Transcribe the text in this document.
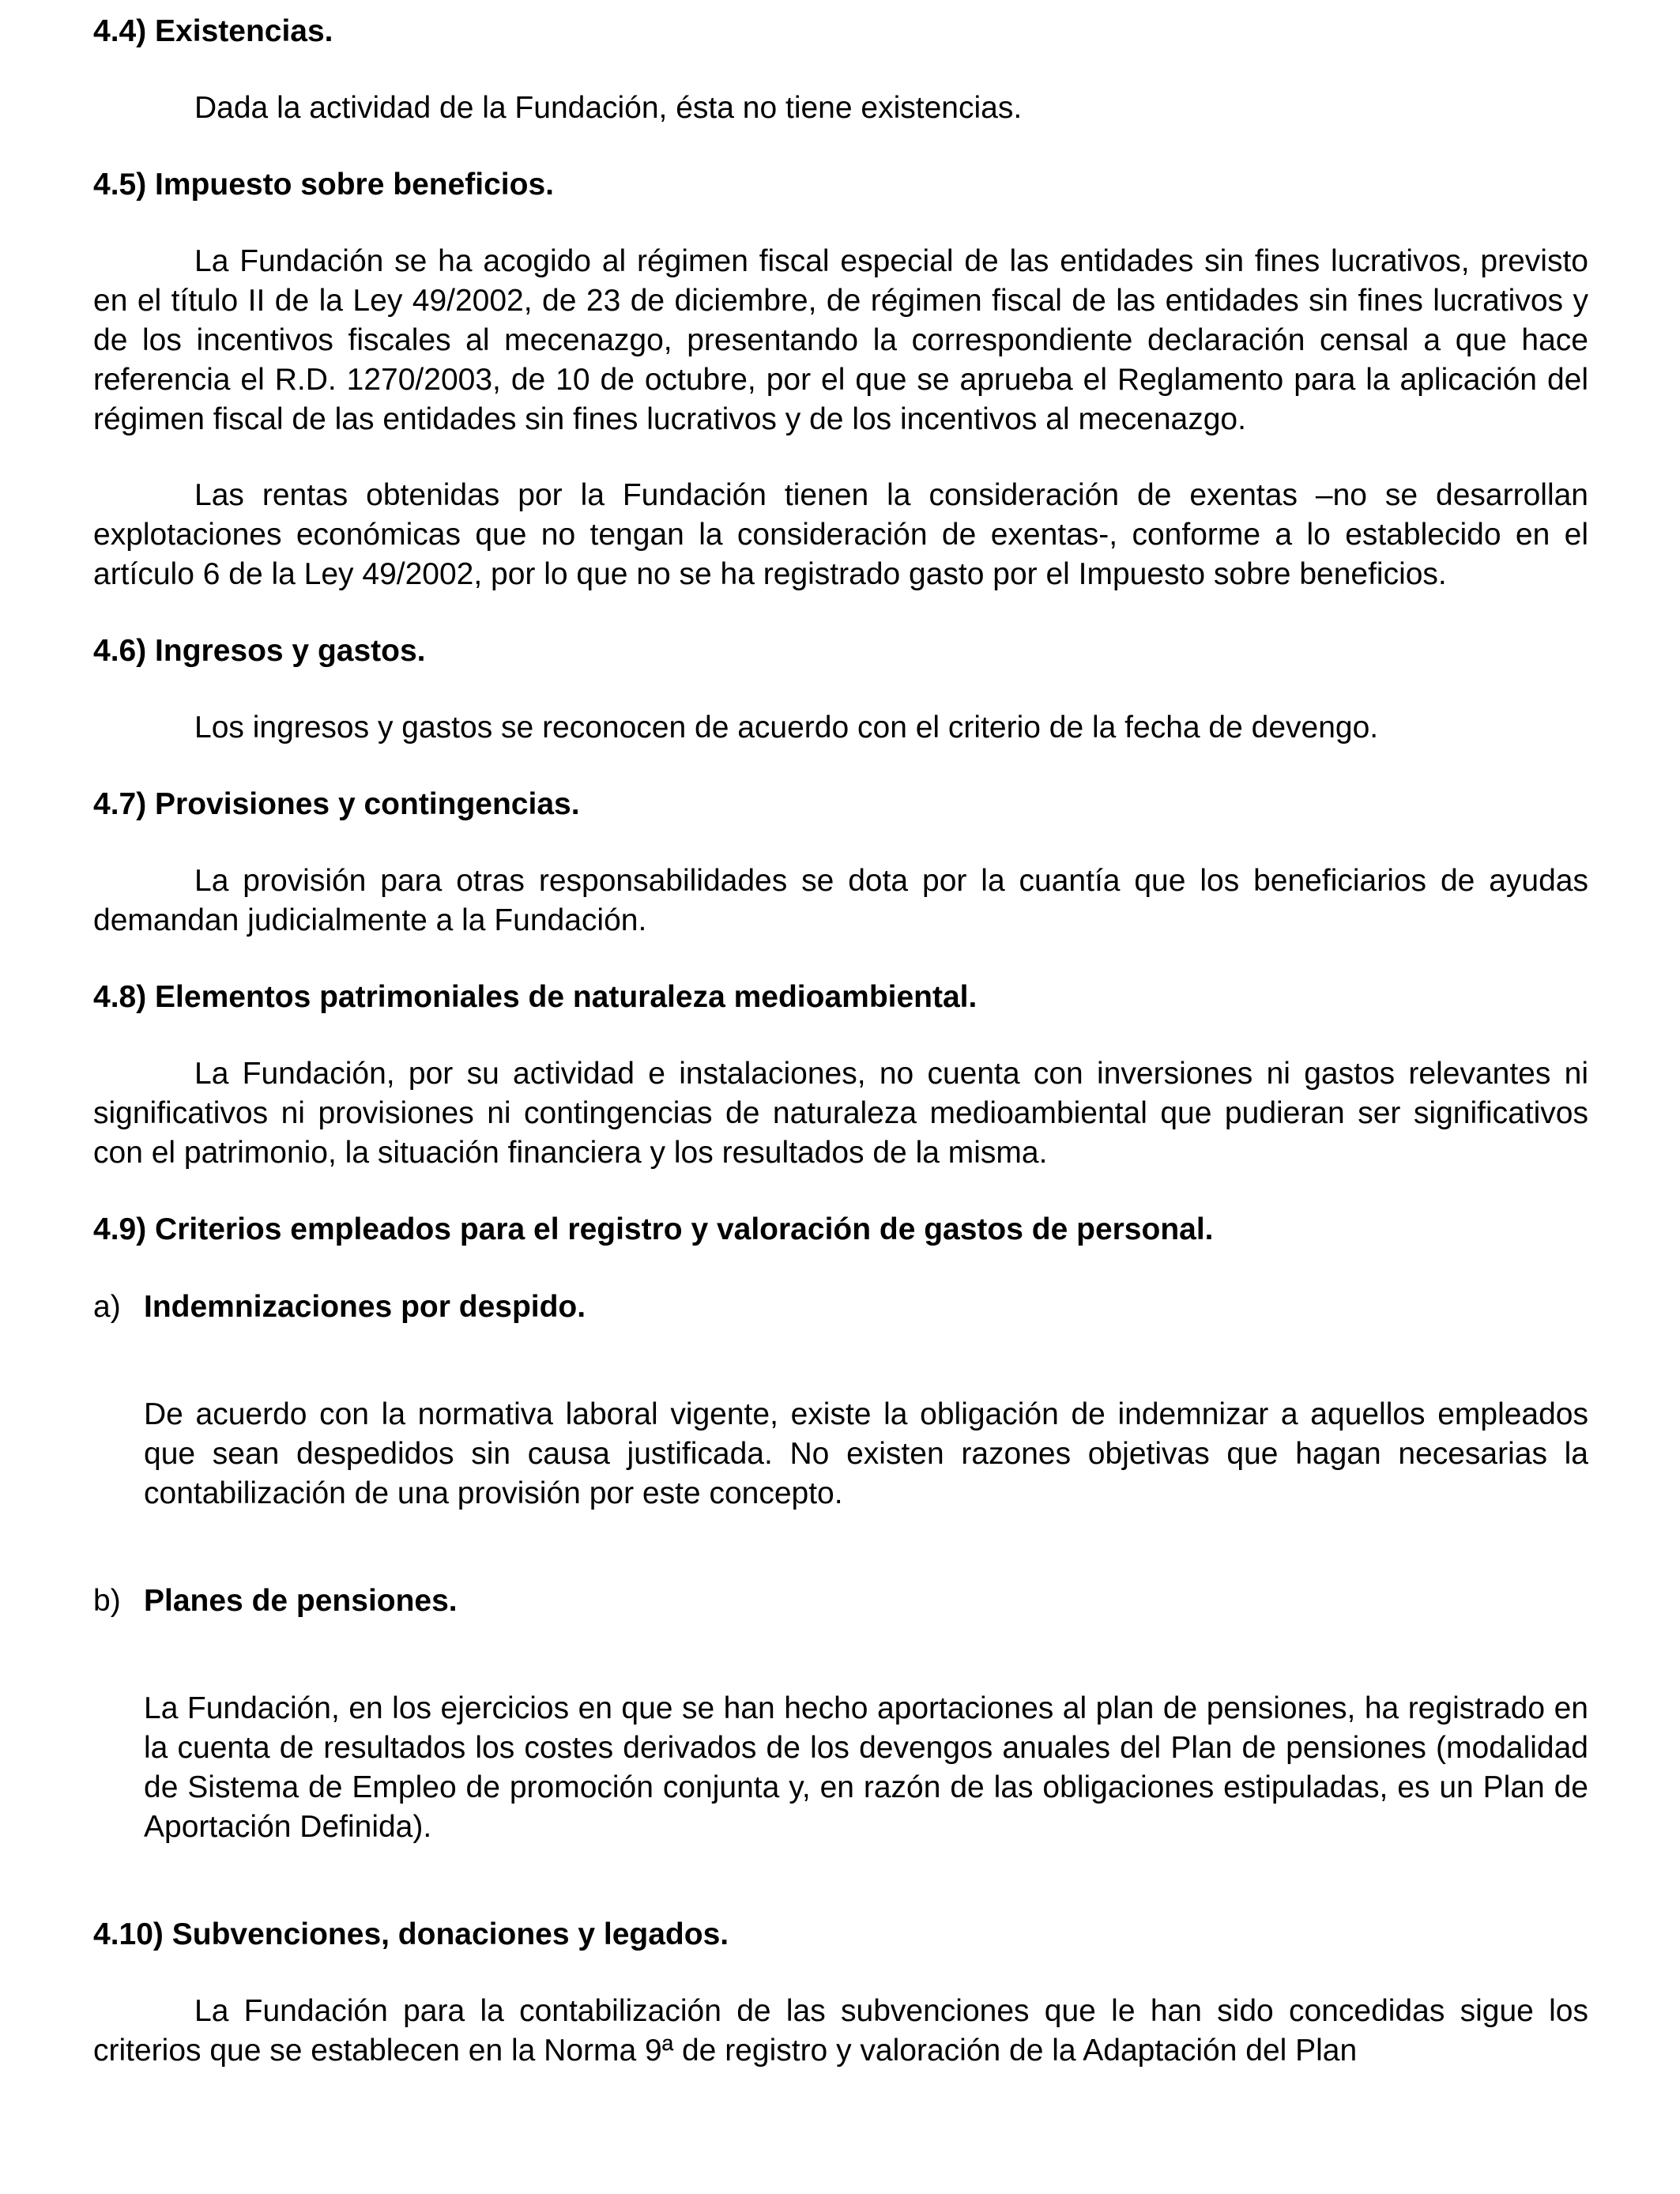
4.4) Existencias.

Dada la actividad de la Fundación, ésta no tiene existencias.

4.5) Impuesto sobre beneficios.

La Fundación se ha acogido al régimen fiscal especial de las entidades sin fines lucrativos, previsto en el título II de la Ley 49/2002, de 23 de diciembre, de régimen fiscal de las entidades sin fines lucrativos y de los incentivos fiscales al mecenazgo, presentando la correspondiente declaración censal a que hace referencia el R.D. 1270/2003, de 10 de octubre, por el que se aprueba el Reglamento para la aplicación del régimen fiscal de las entidades sin fines lucrativos y de los incentivos al mecenazgo.

Las rentas obtenidas por la Fundación tienen la consideración de exentas –no se desarrollan explotaciones económicas que no tengan la consideración de exentas-, conforme a lo establecido en el artículo 6 de la Ley 49/2002, por lo que no se ha registrado gasto por el Impuesto sobre beneficios.

4.6) Ingresos y gastos.

Los ingresos y gastos se reconocen de acuerdo con el criterio de la fecha de devengo.

4.7) Provisiones y contingencias.

La provisión para otras responsabilidades se dota por la cuantía que los beneficiarios de ayudas demandan judicialmente a la Fundación.

4.8) Elementos patrimoniales de naturaleza medioambiental.

La Fundación, por su actividad e instalaciones, no cuenta con inversiones ni gastos relevantes ni significativos ni provisiones ni contingencias de naturaleza medioambiental que pudieran ser significativos con el patrimonio, la situación financiera y los resultados de la misma.

4.9) Criterios empleados para el registro y valoración de gastos de personal.

a) Indemnizaciones por despido.

De acuerdo con la normativa laboral vigente, existe la obligación de indemnizar a aquellos empleados que sean despedidos sin causa justificada. No existen razones objetivas que hagan necesarias la contabilización de una provisión por este concepto.

b) Planes de pensiones.

La Fundación, en los ejercicios en que se han hecho aportaciones al plan de pensiones, ha registrado en la cuenta de resultados los costes derivados de los devengos anuales del Plan de pensiones (modalidad de Sistema de Empleo de promoción conjunta y, en razón de las obligaciones estipuladas, es un Plan de Aportación Definida).

4.10) Subvenciones, donaciones y legados.

La Fundación para la contabilización de las subvenciones que le han sido concedidas sigue los criterios que se establecen en la Norma 9ª de registro y valoración de la Adaptación del Plan
